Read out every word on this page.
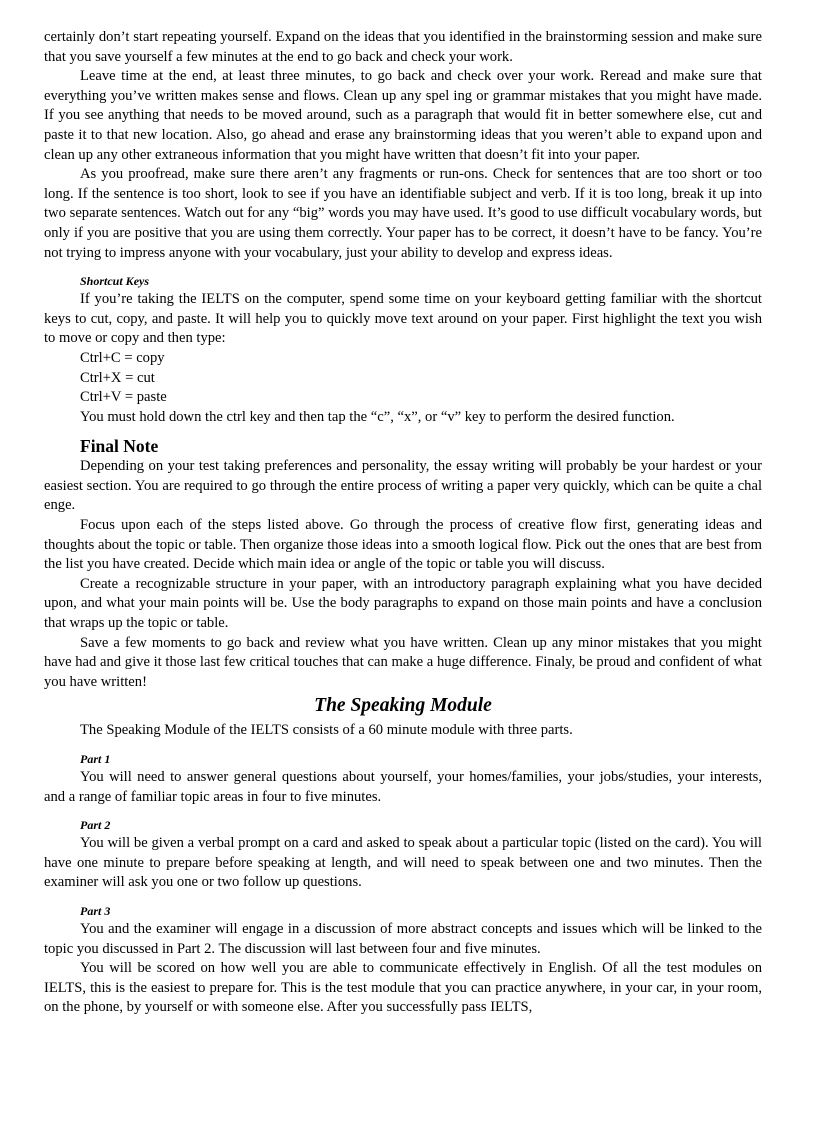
certainly don’t start repeating yourself. Expand on the ideas that you identified in the brainstorming session and make sure that you save yourself a few minutes at the end to go back and check your work.

Leave time at the end, at least three minutes, to go back and check over your work. Reread and make sure that everything you’ve written makes sense and flows. Clean up any spel ing or grammar mistakes that you might have made. If you see anything that needs to be moved around, such as a paragraph that would fit in better somewhere else, cut and paste it to that new location. Also, go ahead and erase any brainstorming ideas that you weren’t able to expand upon and clean up any other extraneous information that you might have written that doesn’t fit into your paper.

As you proofread, make sure there aren’t any fragments or run-ons. Check for sentences that are too short or too long. If the sentence is too short, look to see if you have an identifiable subject and verb. If it is too long, break it up into two separate sentences. Watch out for any “big” words you may have used. It’s good to use difficult vocabulary words, but only if you are positive that you are using them correctly. Your paper has to be correct, it doesn’t have to be fancy. You’re not trying to impress anyone with your vocabulary, just your ability to develop and express ideas.

Shortcut Keys

If you’re taking the IELTS on the computer, spend some time on your keyboard getting familiar with the shortcut keys to cut, copy, and paste. It will help you to quickly move text around on your paper. First highlight the text you wish to move or copy and then type:

Ctrl+C = copy
Ctrl+X = cut
Ctrl+V = paste
You must hold down the ctrl key and then tap the “c”, “x”, or “v” key to perform the desired function.
Final Note

Depending on your test taking preferences and personality, the essay writing will probably be your hardest or your easiest section. You are required to go through the entire process of writing a paper very quickly, which can be quite a chal enge.

Focus upon each of the steps listed above. Go through the process of creative flow first, generating ideas and thoughts about the topic or table. Then organize those ideas into a smooth logical flow. Pick out the ones that are best from the list you have created. Decide which main idea or angle of the topic or table you will discuss.

Create a recognizable structure in your paper, with an introductory paragraph explaining what you have decided upon, and what your main points will be. Use the body paragraphs to expand on those main points and have a conclusion that wraps up the topic or table.

Save a few moments to go back and review what you have written. Clean up any minor mistakes that you might have had and give it those last few critical touches that can make a huge difference. Finaly, be proud and confident of what you have written!

The Speaking Module

The Speaking Module of the IELTS consists of a 60 minute module with three parts.

Part 1

You will need to answer general questions about yourself, your homes/families, your jobs/studies, your interests, and a range of familiar topic areas in four to five minutes.

Part 2

You will be given a verbal prompt on a card and asked to speak about a particular topic (listed on the card). You will have one minute to prepare before speaking at length, and will need to speak between one and two minutes. Then the examiner will ask you one or two follow up questions.

Part 3

You and the examiner will engage in a discussion of more abstract concepts and issues which will be linked to the topic you discussed in Part 2. The discussion will last between four and five minutes.

You will be scored on how well you are able to communicate effectively in English. Of all the test modules on IELTS, this is the easiest to prepare for. This is the test module that you can practice anywhere, in your car, in your room, on the phone, by yourself or with someone else. After you successfully pass IELTS,
